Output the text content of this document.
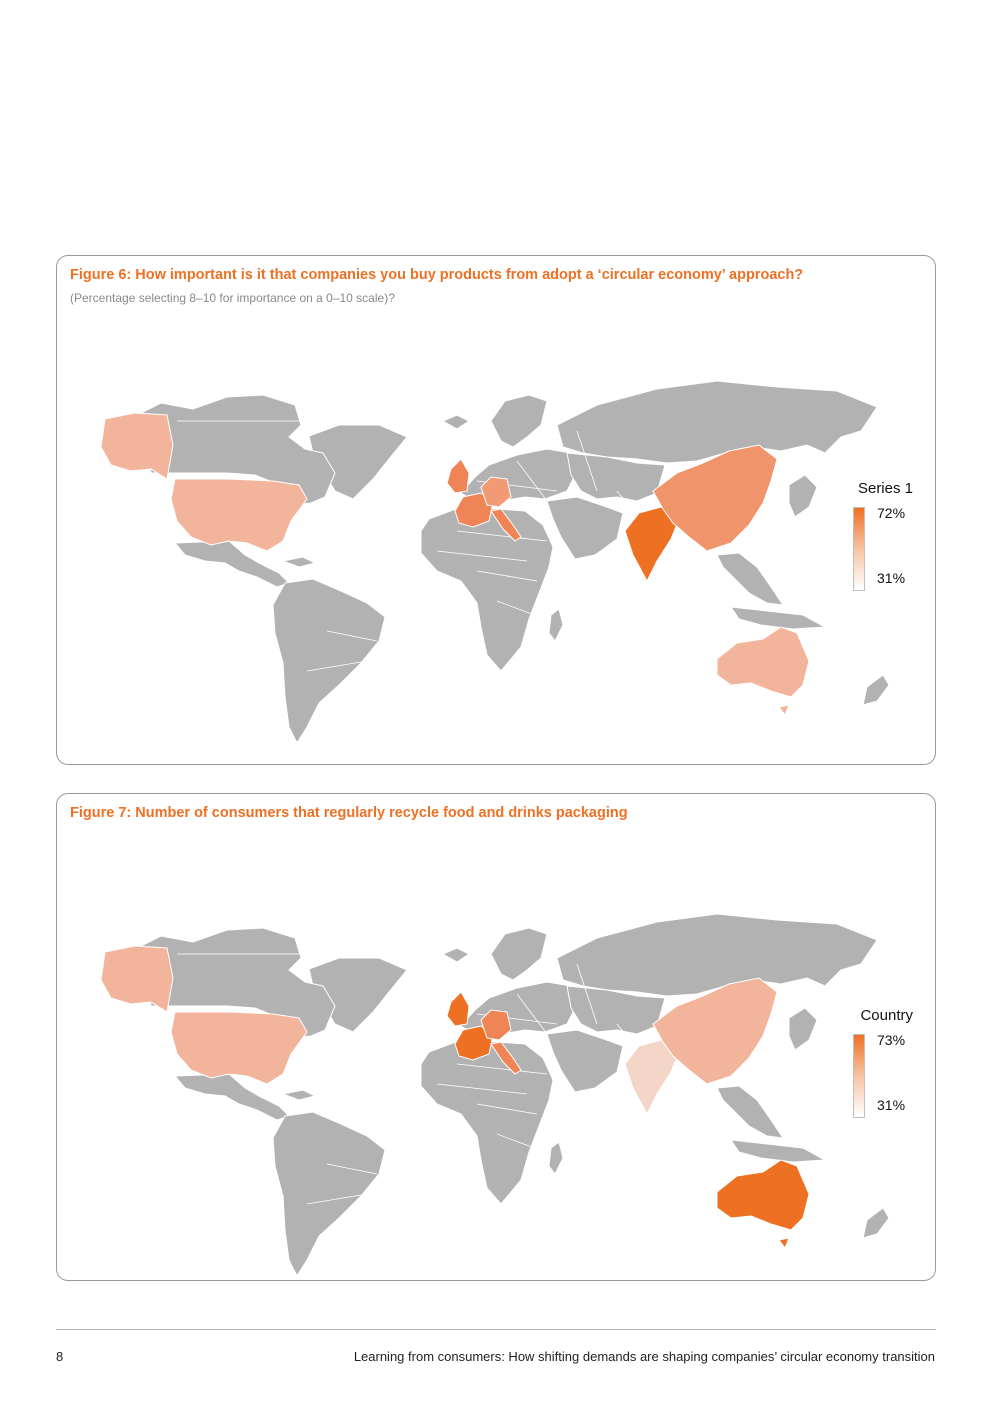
Figure 6: How important is it that companies you buy products from adopt a ‘circular economy’ approach?

(Percentage selecting 8–10 for importance on a 0–10 scale)?

Series 1
72%
31%

Figure 7: Number of consumers that regularly recycle food and drinks packaging

Country
73%
31%
8	Learning from consumers: How shifting demands are shaping companies’ circular economy transition
